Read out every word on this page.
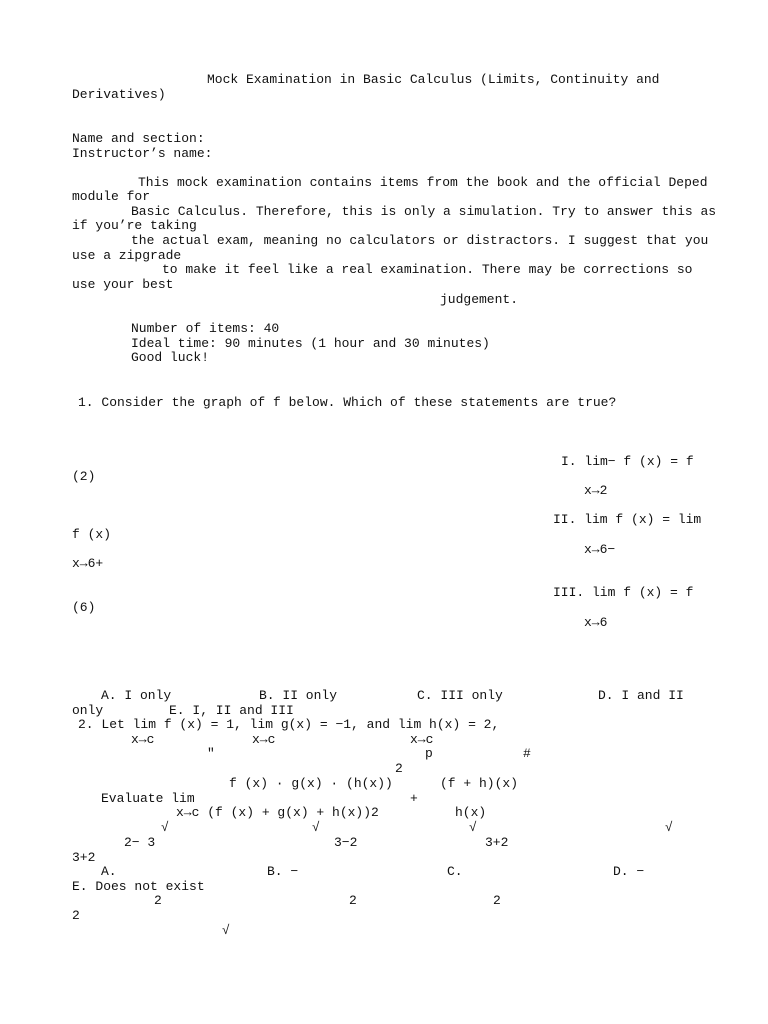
Mock Examination in Basic Calculus (Limits, Continuity and
Derivatives)
Name and section:
Instructor’s name:
This mock examination contains items from the book and the official Deped
module for
Basic Calculus. Therefore, this is only a simulation. Try to answer this as
if you’re taking
the actual exam, meaning no calculators or distractors. I suggest that you
use a zipgrade
to make it feel like a real examination. There may be corrections so
use your best
judgement.
Number of items: 40
Ideal time: 90 minutes (1 hour and 30 minutes)
Good luck!
1. Consider the graph of f below. Which of these statements are true?
I. lim− f (x) = f
(2)
x→2
II. lim f (x) = lim
f (x)
x→6−
x→6+
III. lim f (x) = f
(6)
x→6
A. I only	B. II only	C. III only	D. I and II
only	E. I, II and III
2. Let lim f (x) = 1, lim g(x) = −1, and lim h(x) = 2,
x→c	x→c	x→c
"	p	#
2
f (x) · g(x) · (h(x))	(f + h)(x)
Evaluate lim	+
x→c (f (x) + g(x) + h(x))2	h(x)
√	√	√	√
2− 3	3−2	3+2
3+2
A.	B. −	C.	D. −
E. Does not exist
2	2	2
2
√
